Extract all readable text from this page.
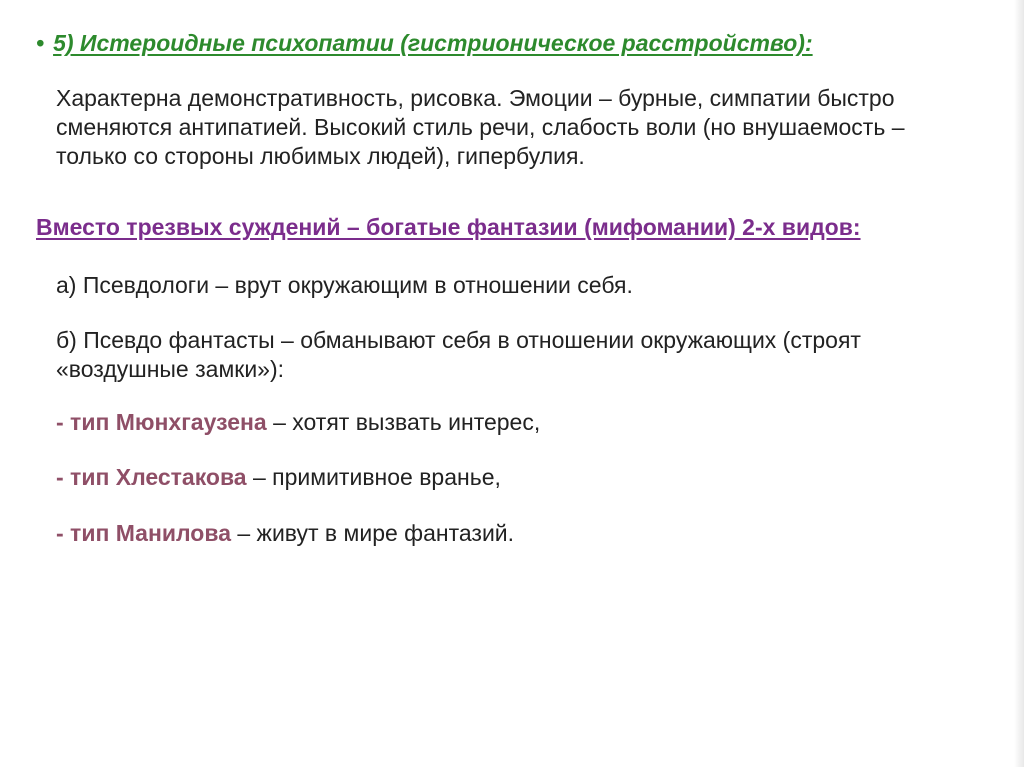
• 5) Истероидные психопатии (гистрионическое расстройство):
Характерна демонстративность, рисовка. Эмоции – бурные, симпатии быстро сменяются антипатией. Высокий стиль речи, слабость воли (но внушаемость – только со стороны любимых людей), гипербулия.
Вместо трезвых суждений – богатые фантазии (мифомании) 2-х видов:
а) Псевдологи – врут окружающим в отношении себя.
б) Псевдо фантасты – обманывают себя в отношении окружающих (строят «воздушные замки»):
- тип Мюнхгаузена – хотят вызвать интерес,
- тип Хлестакова – примитивное вранье,
- тип Манилова – живут в мире фантазий.
